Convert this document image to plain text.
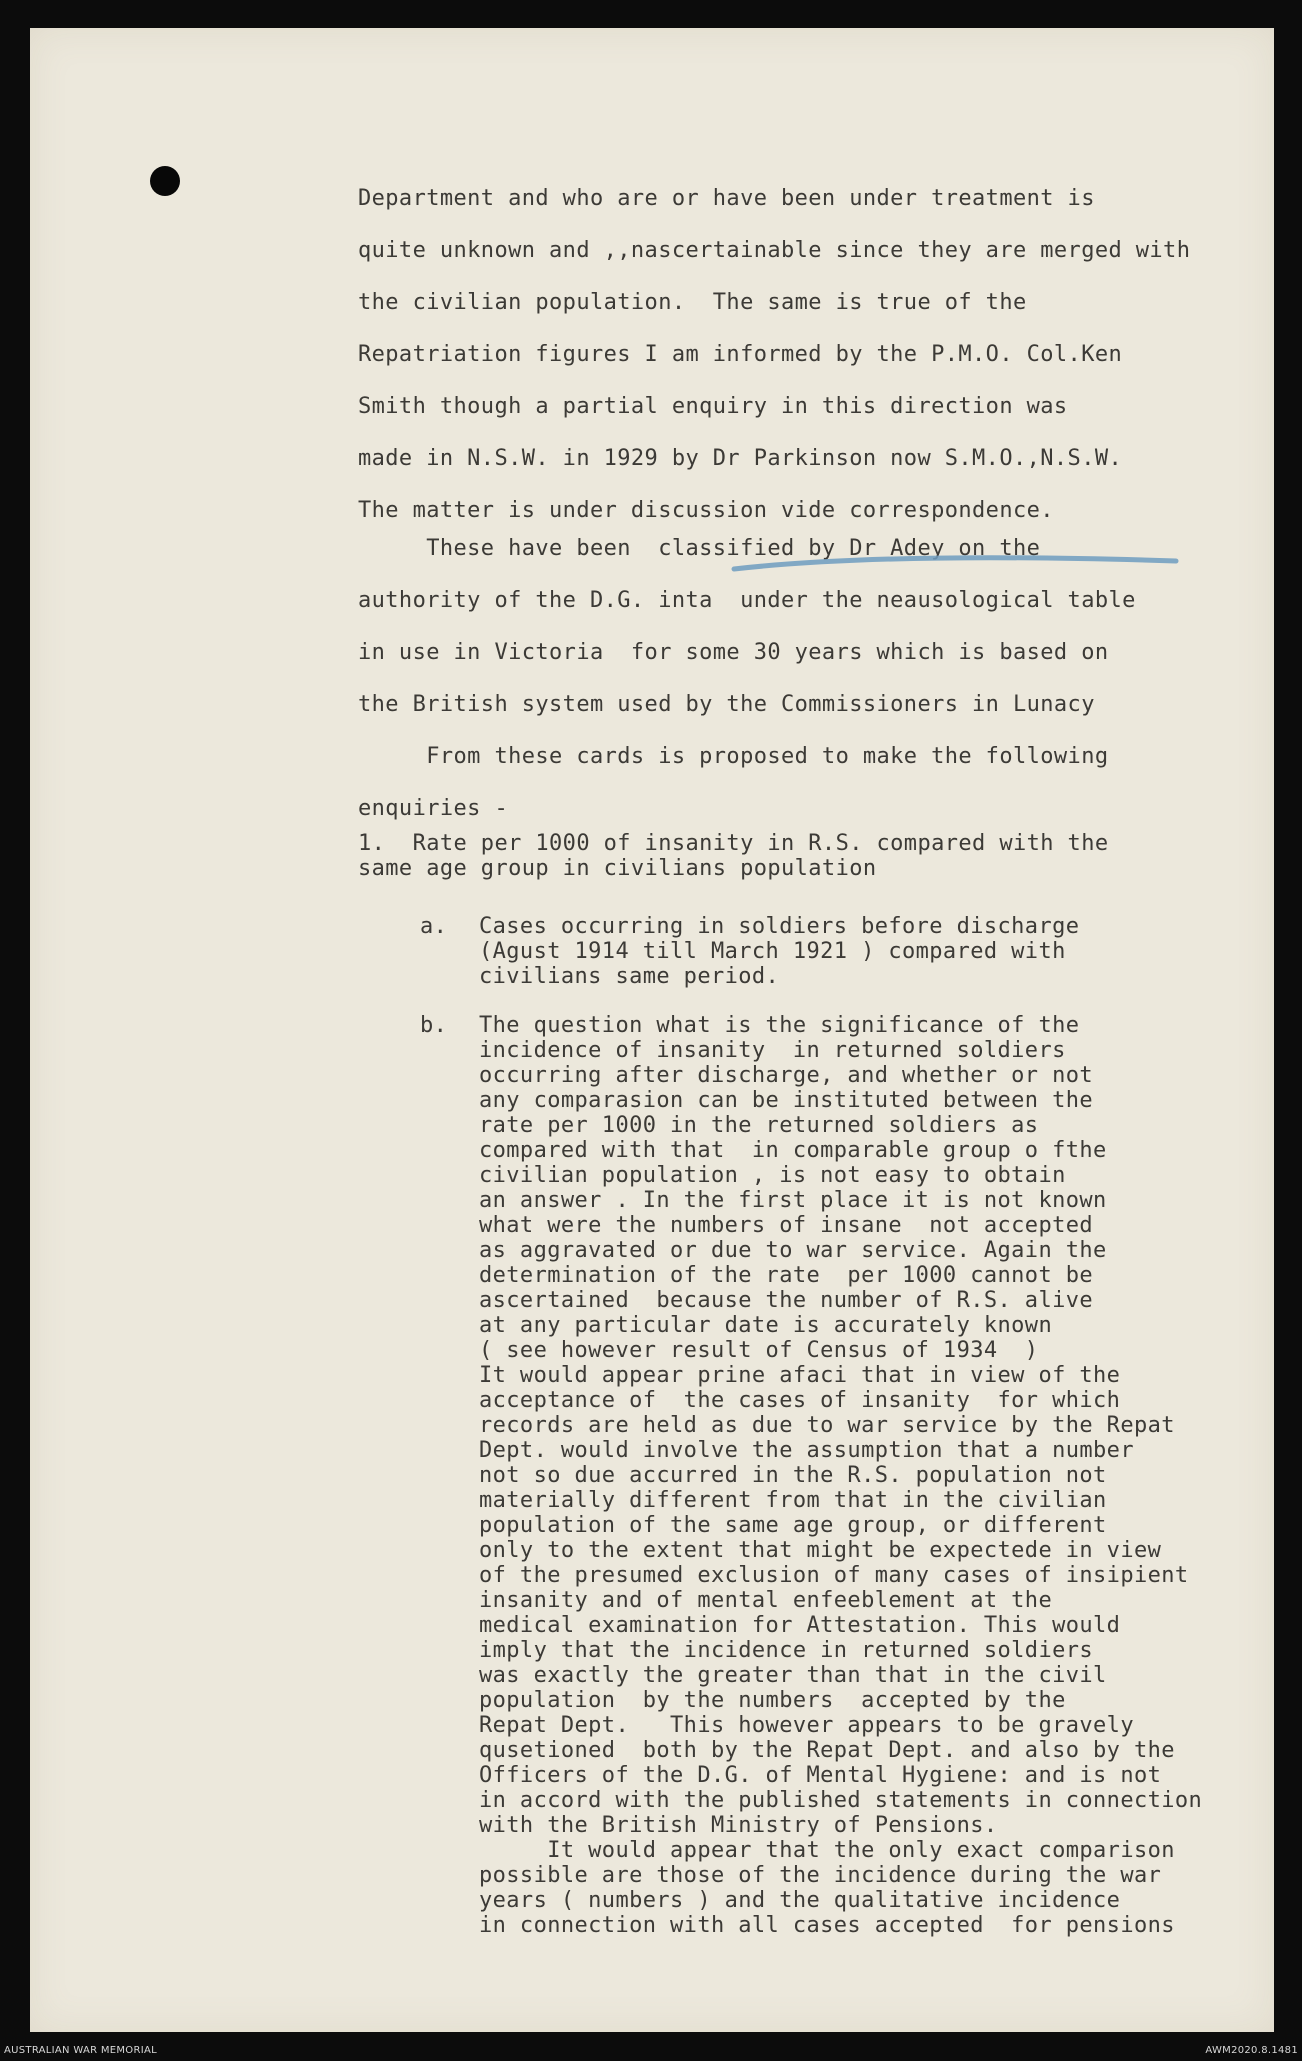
Department and who are or have been under treatment is
quite unknown and ,,nascertainable since they are merged with
the civilian population.  The same is true of the
Repatriation figures I am informed by the P.M.O. Col.Ken
Smith though a partial enquiry in this direction was
made in N.S.W. in 1929 by Dr Parkinson now S.M.O.,N.S.W.
The matter is under discussion vide correspondence.
These have been  classified by Dr Adey on the
authority of the D.G. inta  under the neausological table
in use in Victoria  for some 30 years which is based on
the British system used by the Commissioners in Lunacy
From these cards is proposed to make the following
enquiries -
1.  Rate per 1000 of insanity in R.S. compared with the
same age group in civilians population
a. Cases occurring in soldiers before discharge
(Agust 1914 till March 1921 ) compared with
civilians same period.
b. The question what is the significance of the
incidence of insanity  in returned soldiers
occurring after discharge, and whether or not
any comparasion can be instituted between the
rate per 1000 in the returned soldiers as
compared with that  in comparable group o fthe
civilian population , is not easy to obtain
an answer . In the first place it is not known
what were the numbers of insane  not accepted
as aggravated or due to war service. Again the
determination of the rate  per 1000 cannot be
ascertained  because the number of R.S. alive
at any particular date is accurately known
( see however result of Census of 1934  )
It would appear prine afaci that in view of the
acceptance of  the cases of insanity  for which
records are held as due to war service by the Repat
Dept. would involve the assumption that a number
not so due accurred in the R.S. population not
materially different from that in the civilian
population of the same age group, or different
only to the extent that might be expectede in view
of the presumed exclusion of many cases of insipient
insanity and of mental enfeeblement at the
medical examination for Attestation. This would
imply that the incidence in returned soldiers
was exactly the greater than that in the civil
population  by the numbers  accepted by the
Repat Dept.   This however appears to be gravely
qusetioned  both by the Repat Dept. and also by the
Officers of the D.G. of Mental Hygiene: and is not
in accord with the published statements in connection
with the British Ministry of Pensions.
It would appear that the only exact comparison
possible are those of the incidence during the war
years ( numbers ) and the qualitative incidence
in connection with all cases accepted  for pensions
AUSTRALIAN WAR MEMORIAL	AWM2020.8.1481
